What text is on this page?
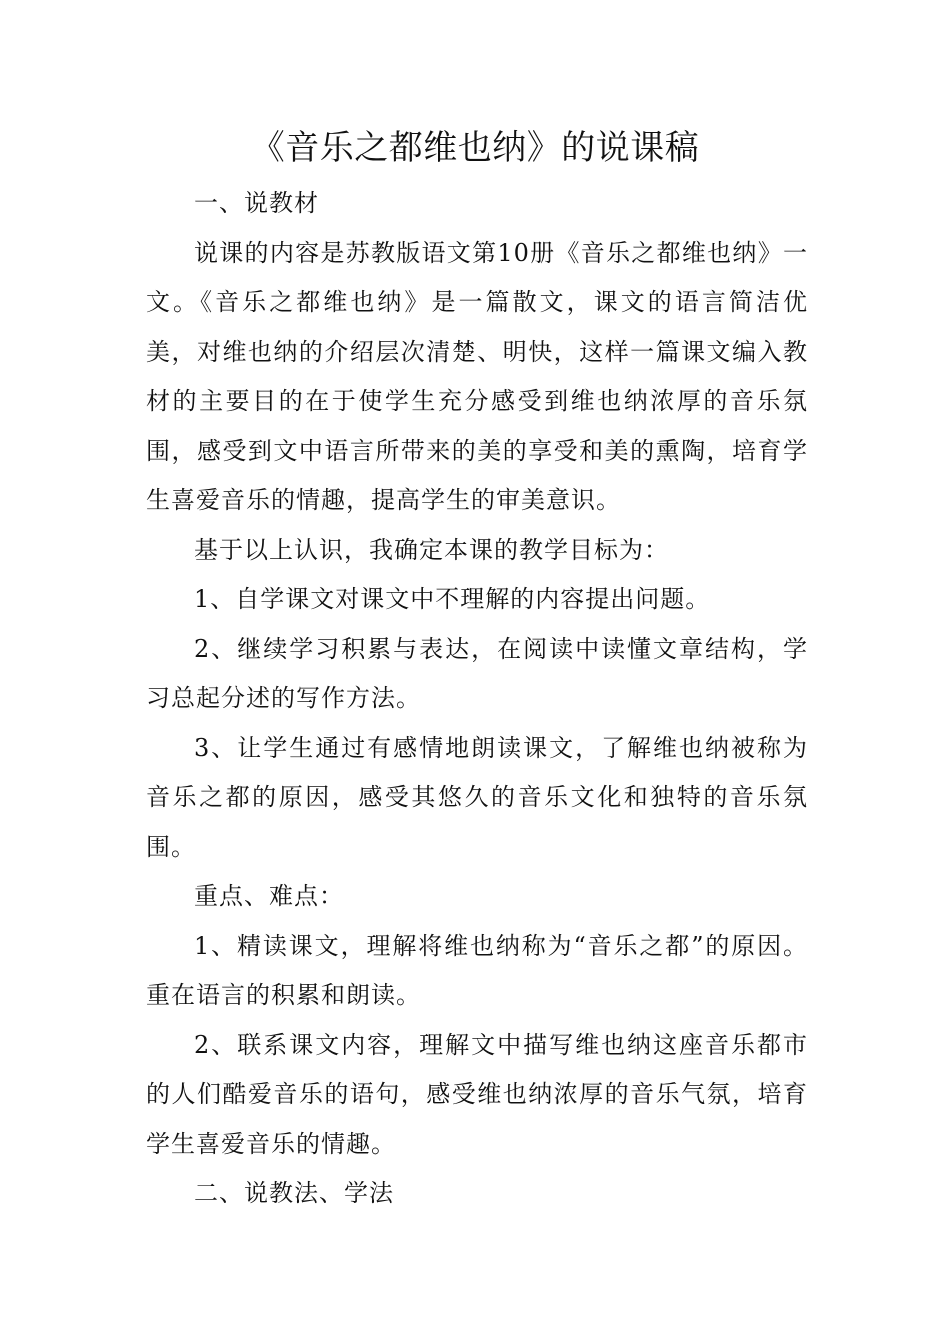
《音乐之都维也纳》的说课稿

一、说教材

说课的内容是苏教版语文第10册《音乐之都维也纳》一文。《音乐之都维也纳》是一篇散文，课文的语言简洁优美，对维也纳的介绍层次清楚、明快，这样一篇课文编入教材的主要目的在于使学生充分感受到维也纳浓厚的音乐氛围，感受到文中语言所带来的美的享受和美的熏陶，培育学生喜爱音乐的情趣，提高学生的审美意识。

基于以上认识，我确定本课的教学目标为：

1、自学课文对课文中不理解的内容提出问题。

2、继续学习积累与表达，在阅读中读懂文章结构，学习总起分述的写作方法。

3、让学生通过有感情地朗读课文，了解维也纳被称为音乐之都的原因，感受其悠久的音乐文化和独特的音乐氛围。

重点、难点：

1、精读课文，理解将维也纳称为“音乐之都”的原因。重在语言的积累和朗读。

2、联系课文内容，理解文中描写维也纳这座音乐都市的人们酷爱音乐的语句，感受维也纳浓厚的音乐气氛，培育学生喜爱音乐的情趣。

二、说教法、学法
